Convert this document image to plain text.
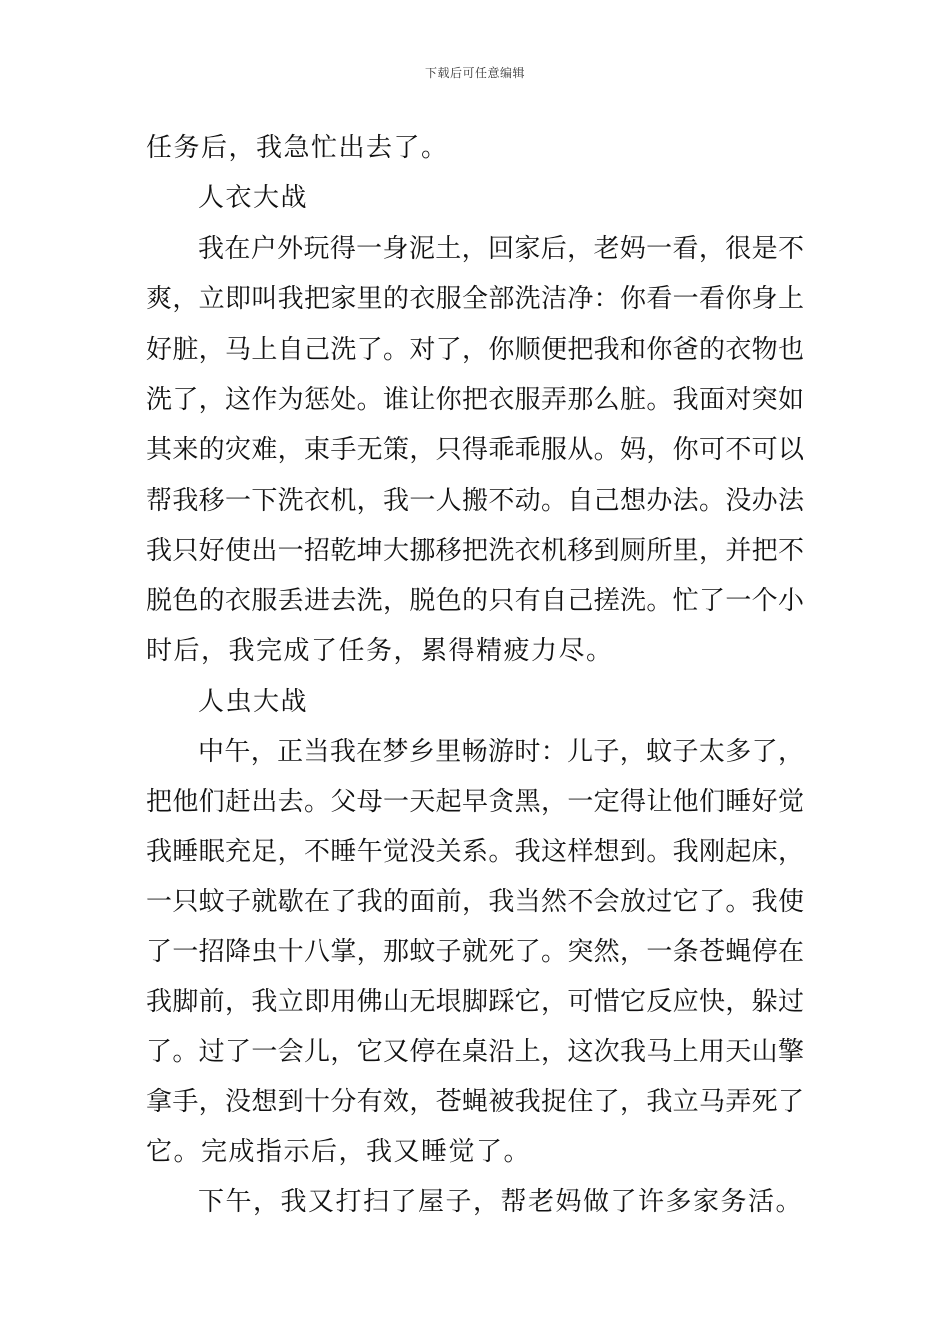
下载后可任意编辑
任务后，我急忙出去了。
人衣大战
我在户外玩得一身泥土，回家后，老妈一看，很是不
爽，立即叫我把家里的衣服全部洗洁净：你看一看你身上
好脏，马上自己洗了。对了，你顺便把我和你爸的衣物也
洗了，这作为惩处。谁让你把衣服弄那么脏。我面对突如
其来的灾难，束手无策，只得乖乖服从。妈，你可不可以
帮我移一下洗衣机，我一人搬不动。自己想办法。没办法
我只好使出一招乾坤大挪移把洗衣机移到厕所里，并把不
脱色的衣服丢进去洗，脱色的只有自己搓洗。忙了一个小
时后，我完成了任务，累得精疲力尽。
人虫大战
中午，正当我在梦乡里畅游时：儿子，蚊子太多了，
把他们赶出去。父母一天起早贪黑，一定得让他们睡好觉
我睡眠充足，不睡午觉没关系。我这样想到。我刚起床，
一只蚊子就歇在了我的面前，我当然不会放过它了。我使
了一招降虫十八掌，那蚊子就死了。突然，一条苍蝇停在
我脚前，我立即用佛山无垠脚踩它，可惜它反应快，躲过
了。过了一会儿，它又停在桌沿上，这次我马上用天山擎
拿手，没想到十分有效，苍蝇被我捉住了，我立马弄死了
它。完成指示后，我又睡觉了。
下午，我又打扫了屋子，帮老妈做了许多家务活。
